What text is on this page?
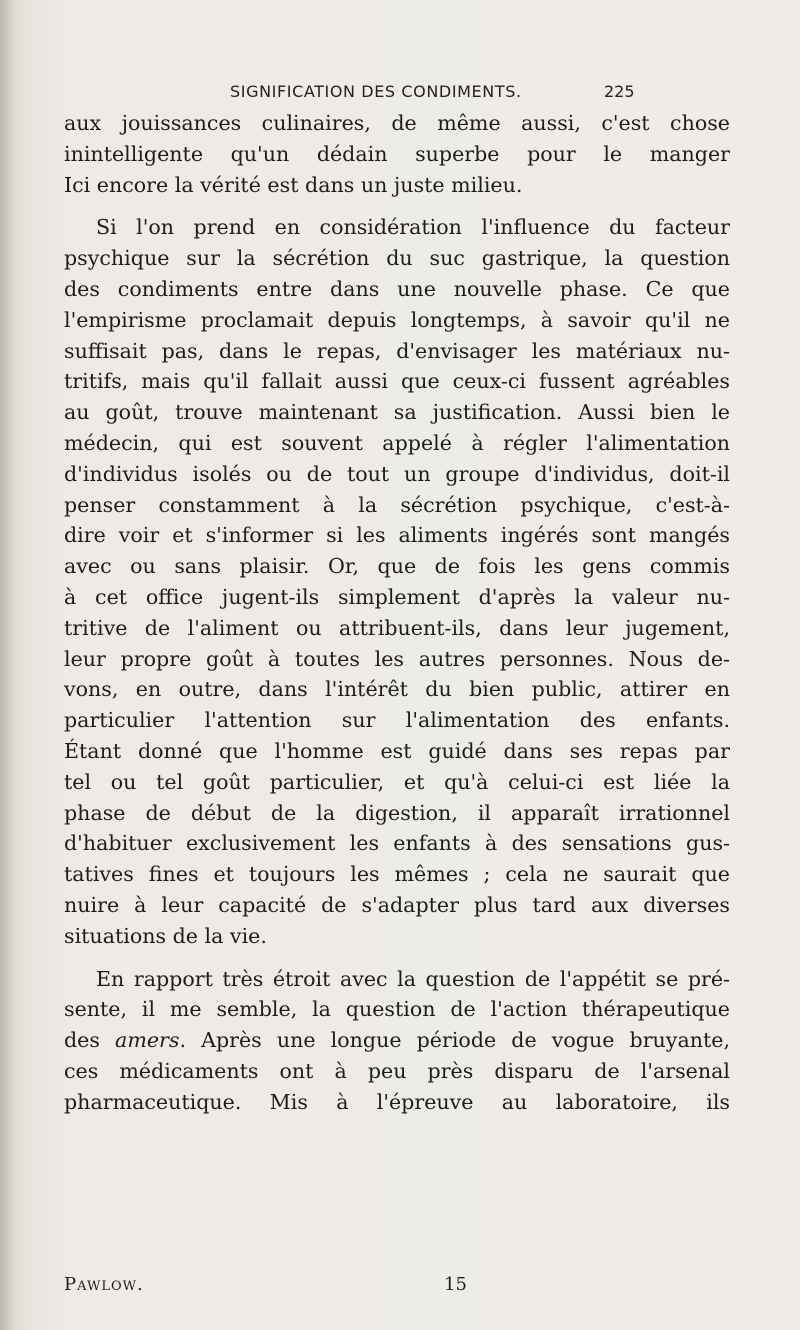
SIGNIFICATION DES CONDIMENTS.	225
aux jouissances culinaires, de même aussi, c'est chose
inintelligente qu'un dédain superbe pour le manger
Ici encore la vérité est dans un juste milieu.
Si l'on prend en considération l'influence du facteur
psychique sur la sécrétion du suc gastrique, la question
des condiments entre dans une nouvelle phase. Ce que
l'empirisme proclamait depuis longtemps, à savoir qu'il ne
suffisait pas, dans le repas, d'envisager les matériaux nu-
tritifs, mais qu'il fallait aussi que ceux-ci fussent agréables
au goût, trouve maintenant sa justification. Aussi bien le
médecin, qui est souvent appelé à régler l'alimentation
d'individus isolés ou de tout un groupe d'individus, doit-il
penser constamment à la sécrétion psychique, c'est-à-
dire voir et s'informer si les aliments ingérés sont mangés
avec ou sans plaisir. Or, que de fois les gens commis
à cet office jugent-ils simplement d'après la valeur nu-
tritive de l'aliment ou attribuent-ils, dans leur jugement,
leur propre goût à toutes les autres personnes. Nous de-
vons, en outre, dans l'intérêt du bien public, attirer en
particulier l'attention sur l'alimentation des enfants.
Étant donné que l'homme est guidé dans ses repas par
tel ou tel goût particulier, et qu'à celui-ci est liée la
phase de début de la digestion, il apparaît irrationnel
d'habituer exclusivement les enfants à des sensations gus-
tatives fines et toujours les mêmes ; cela ne saurait que
nuire à leur capacité de s'adapter plus tard aux diverses
situations de la vie.
En rapport très étroit avec la question de l'appétit se pré-
sente, il me semble, la question de l'action thérapeutique
des amers. Après une longue période de vogue bruyante,
ces médicaments ont à peu près disparu de l'arsenal
pharmaceutique. Mis à l'épreuve au laboratoire, ils
Pawlow.	15
